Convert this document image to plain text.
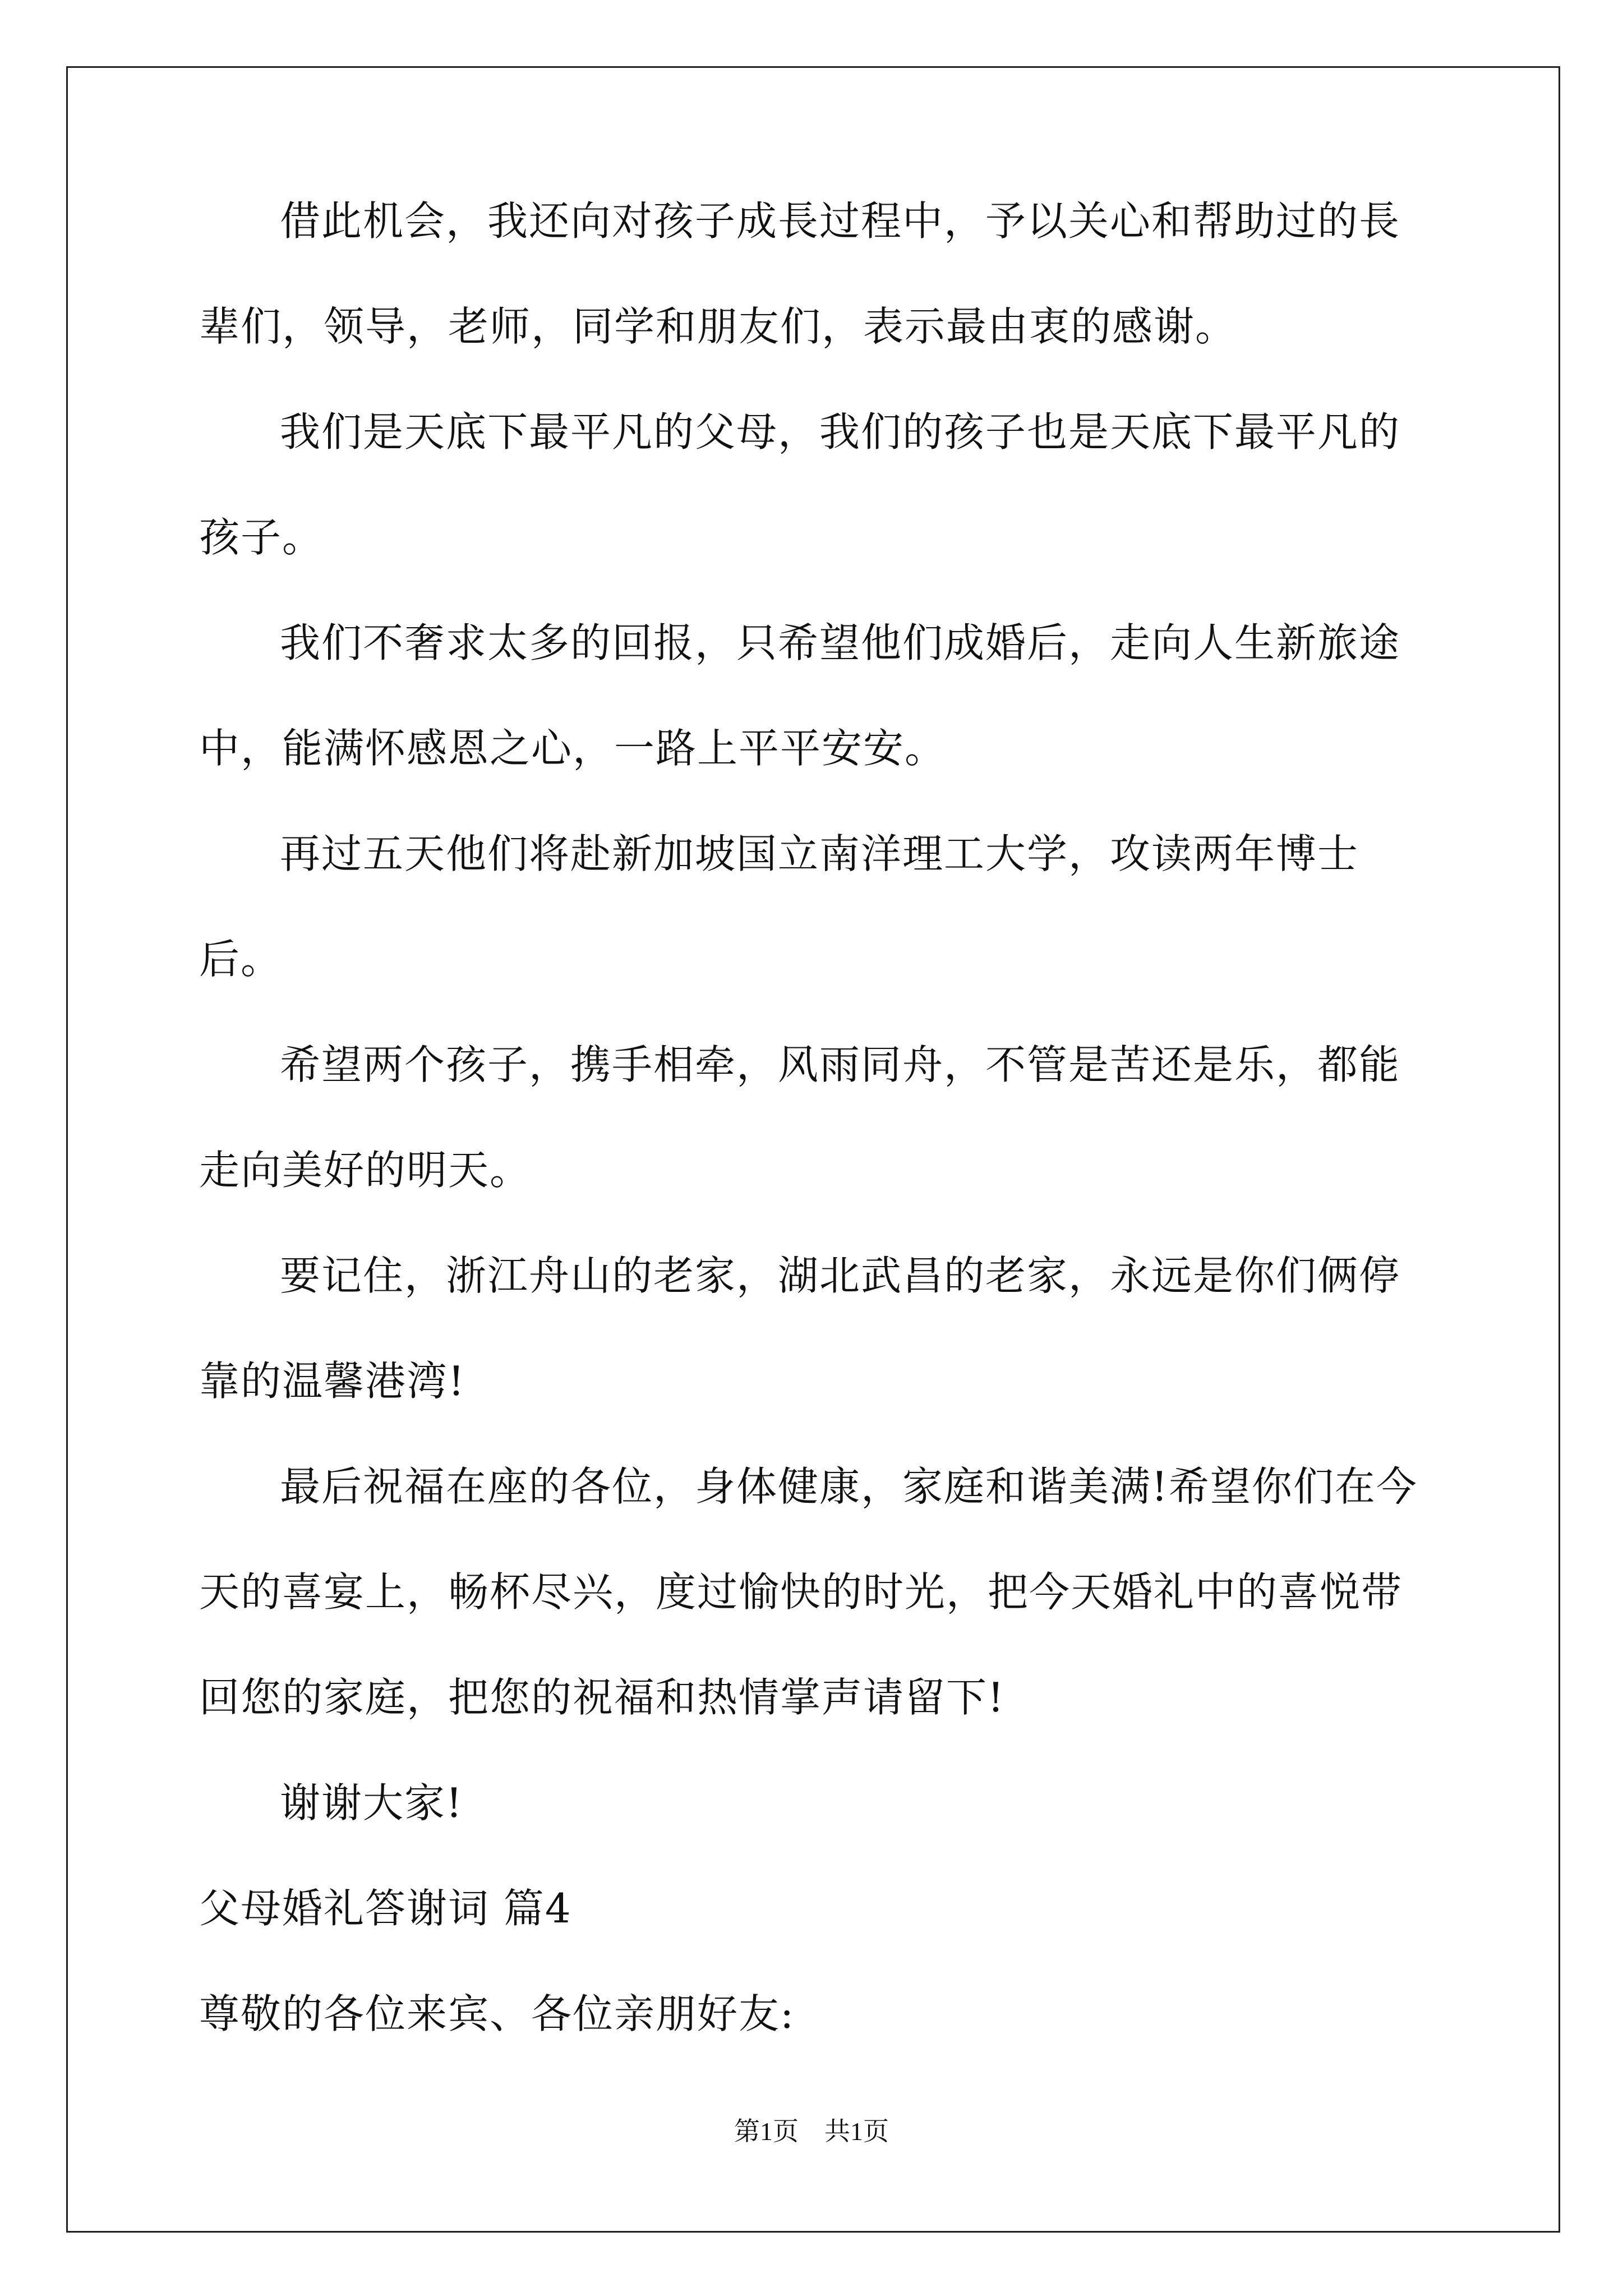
借此机会，我还向对孩子成長过程中，予以关心和帮助过的長辈们，领导，老师，同学和朋友们，表示最由衷的感谢。

我们是天底下最平凡的父母，我们的孩子也是天底下最平凡的孩子。

我们不奢求太多的回报，只希望他们成婚后，走向人生新旅途中，能满怀感恩之心，一路上平平安安。

再过五天他们将赴新加坡国立南洋理工大学，攻读两年博士后。

希望两个孩子，携手相牵，风雨同舟，不管是苦还是乐，都能走向美好的明天。

要记住，浙江舟山的老家，湖北武昌的老家，永远是你们俩停靠的温馨港湾!

最后祝福在座的各位，身体健康，家庭和谐美满!希望你们在今天的喜宴上，畅杯尽兴，度过愉快的时光，把今天婚礼中的喜悦带回您的家庭，把您的祝福和热情掌声请留下!

谢谢大家!

父母婚礼答谢词 篇4

尊敬的各位来宾、各位亲朋好友:

第1页　共1页
